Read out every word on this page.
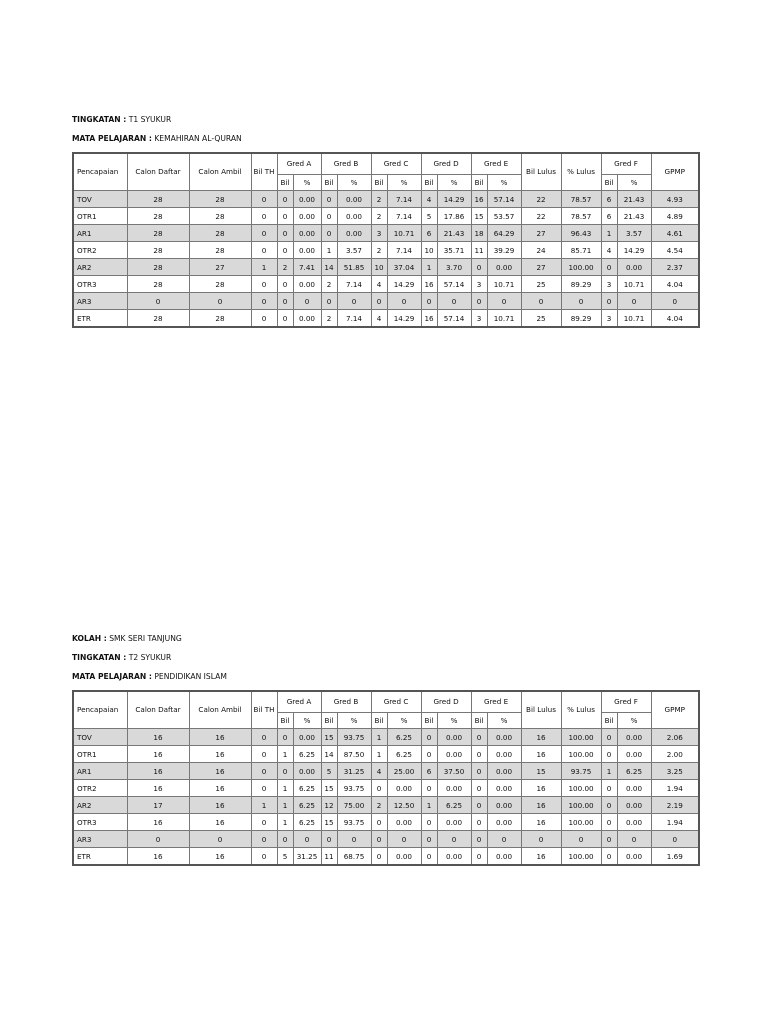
TINGKATAN : T1 SYUKUR

MATA PELAJARAN : KEMAHIRAN AL-QURAN

Pencapaian	Calon Daftar	Calon Ambil	Bil TH	Gred A		Gred B		Gred C		Gred D		Gred E		Bil Lulus	% Lulus	Gred F		GPMP
				Bil	%	Bil	%	Bil	%	Bil	%	Bil	%			Bil	%	
TOV	28	28	0	0	0.00	0	0.00	2	7.14	4	14.29	16	57.14	22	78.57	6	21.43	4.93
OTR1	28	28	0	0	0.00	0	0.00	2	7.14	5	17.86	15	53.57	22	78.57	6	21.43	4.89
AR1	28	28	0	0	0.00	0	0.00	3	10.71	6	21.43	18	64.29	27	96.43	1	3.57	4.61
OTR2	28	28	0	0	0.00	1	3.57	2	7.14	10	35.71	11	39.29	24	85.71	4	14.29	4.54
AR2	28	27	1	2	7.41	14	51.85	10	37.04	1	3.70	0	0.00	27	100.00	0	0.00	2.37
OTR3	28	28	0	0	0.00	2	7.14	4	14.29	16	57.14	3	10.71	25	89.29	3	10.71	4.04
AR3	0	0	0	0	0	0	0	0	0	0	0	0	0	0	0	0	0	0
ETR	28	28	0	0	0.00	2	7.14	4	14.29	16	57.14	3	10.71	25	89.29	3	10.71	4.04

KOLAH : SMK SERI TANJUNG

TINGKATAN : T2 SYUKUR

MATA PELAJARAN : PENDIDIKAN ISLAM

Pencapaian	Calon Daftar	Calon Ambil	Bil TH	Gred A		Gred B		Gred C		Gred D		Gred E		Bil Lulus	% Lulus	Gred F		GPMP
				Bil	%	Bil	%	Bil	%	Bil	%	Bil	%			Bil	%	
TOV	16	16	0	0	0.00	15	93.75	1	6.25	0	0.00	0	0.00	16	100.00	0	0.00	2.06
OTR1	16	16	0	1	6.25	14	87.50	1	6.25	0	0.00	0	0.00	16	100.00	0	0.00	2.00
AR1	16	16	0	0	0.00	5	31.25	4	25.00	6	37.50	0	0.00	15	93.75	1	6.25	3.25
OTR2	16	16	0	1	6.25	15	93.75	0	0.00	0	0.00	0	0.00	16	100.00	0	0.00	1.94
AR2	17	16	1	1	6.25	12	75.00	2	12.50	1	6.25	0	0.00	16	100.00	0	0.00	2.19
OTR3	16	16	0	1	6.25	15	93.75	0	0.00	0	0.00	0	0.00	16	100.00	0	0.00	1.94
AR3	0	0	0	0	0	0	0	0	0	0	0	0	0	0	0	0	0	0
ETR	16	16	0	5	31.25	11	68.75	0	0.00	0	0.00	0	0.00	16	100.00	0	0.00	1.69
